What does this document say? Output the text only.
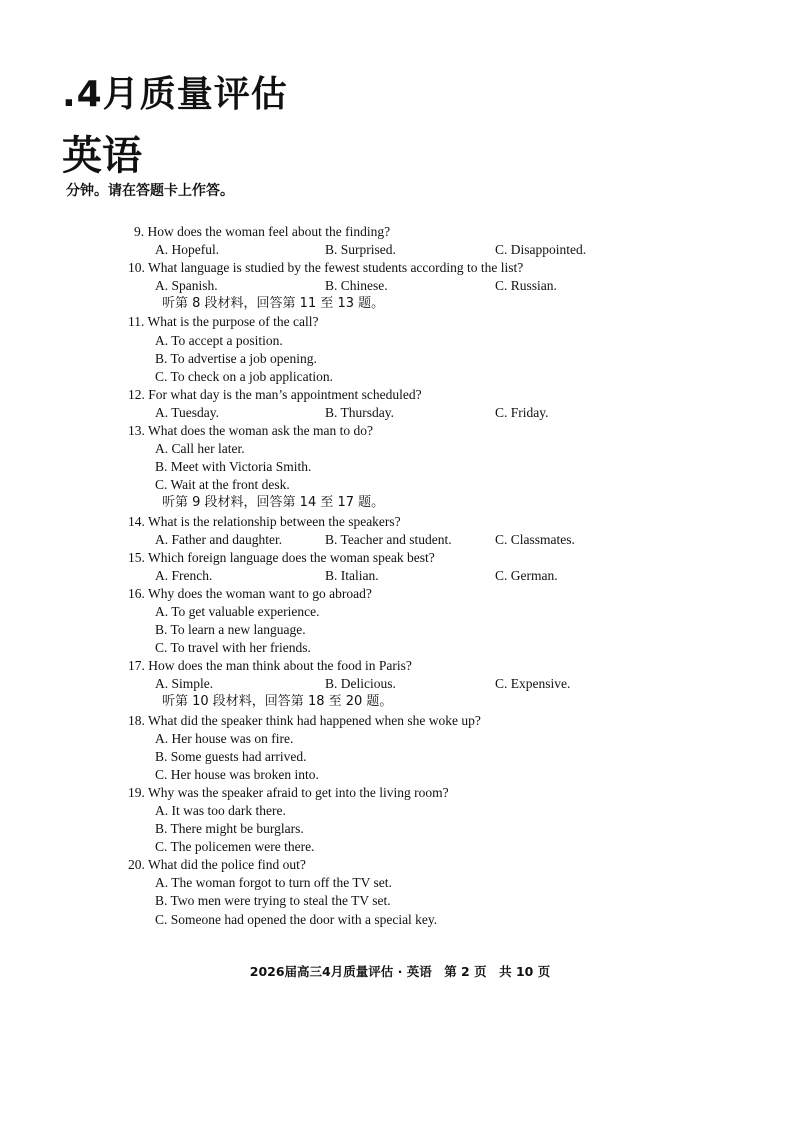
.4月质量评估
英语
分钟。请在答题卡上作答。
9. How does the woman feel about the finding?
A. Hopeful.	B. Surprised.	C. Disappointed.
10. What language is studied by the fewest students according to the list?
A. Spanish.	B. Chinese.	C. Russian.
听第 8 段材料，回答第 11 至 13 题。
11. What is the purpose of the call?
A. To accept a position.
B. To advertise a job opening.
C. To check on a job application.
12. For what day is the man’s appointment scheduled?
A. Tuesday.	B. Thursday.	C. Friday.
13. What does the woman ask the man to do?
A. Call her later.
B. Meet with Victoria Smith.
C. Wait at the front desk.
听第 9 段材料，回答第 14 至 17 题。
14. What is the relationship between the speakers?
A. Father and daughter.	B. Teacher and student.	C. Classmates.
15. Which foreign language does the woman speak best?
A. French.	B. Italian.	C. German.
16. Why does the woman want to go abroad?
A. To get valuable experience.
B. To learn a new language.
C. To travel with her friends.
17. How does the man think about the food in Paris?
A. Simple.	B. Delicious.	C. Expensive.
听第 10 段材料，回答第 18 至 20 题。
18. What did the speaker think had happened when she woke up?
A. Her house was on fire.
B. Some guests had arrived.
C. Her house was broken into.
19. Why was the speaker afraid to get into the living room?
A. It was too dark there.
B. There might be burglars.
C. The policemen were there.
20. What did the police find out?
A. The woman forgot to turn off the TV set.
B. Two men were trying to steal the TV set.
C. Someone had opened the door with a special key.
2026届高三4月质量评估 · 英语　第 2 页　共 10 页
